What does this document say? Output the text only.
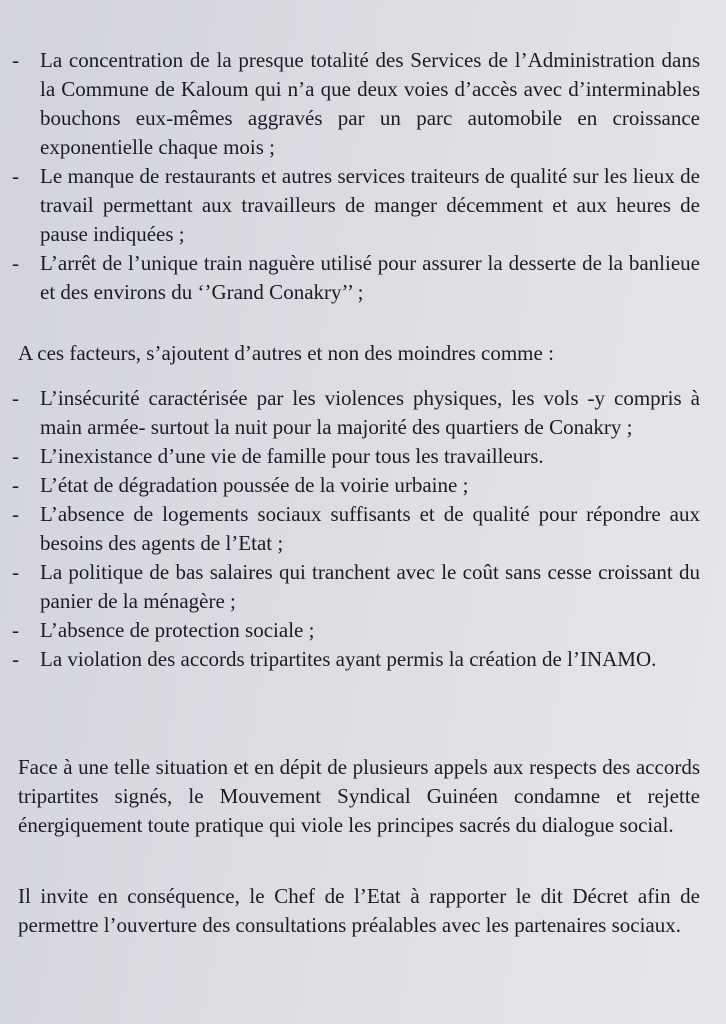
- La concentration de la presque totalité des Services de l’Administration dans la Commune de Kaloum qui n’a que deux voies d’accès avec d’interminables bouchons eux-mêmes aggravés par un parc automobile en croissance exponentielle chaque mois ;
- Le manque de restaurants et autres services traiteurs de qualité sur les lieux de travail permettant aux travailleurs de manger décemment et aux heures de pause indiquées ;
- L’arrêt de l’unique train naguère utilisé pour assurer la desserte de la banlieue et des environs du ‘’Grand Conakry’’ ;

A ces facteurs, s’ajoutent d’autres et non des moindres comme :

- L’insécurité caractérisée par les violences physiques, les vols -y compris à main armée- surtout la nuit pour la majorité des quartiers de Conakry ;
- L’inexistance d’une vie de famille pour tous les travailleurs.
- L’état de dégradation poussée de la voirie urbaine ;
- L’absence de logements sociaux suffisants et de qualité pour répondre aux besoins des agents de l’Etat ;
- La politique de bas salaires qui tranchent avec le coût sans cesse croissant du panier de la ménagère ;
- L’absence de protection sociale ;
- La violation des accords tripartites ayant permis la création de l’INAMO.

Face à une telle situation et en dépit de plusieurs appels aux respects des accords tripartites signés, le Mouvement Syndical Guinéen condamne et rejette énergiquement toute pratique qui viole les principes sacrés du dialogue social.

Il invite en conséquence, le Chef de l’Etat à rapporter le dit Décret afin de permettre l’ouverture des consultations préalables avec les partenaires sociaux.
